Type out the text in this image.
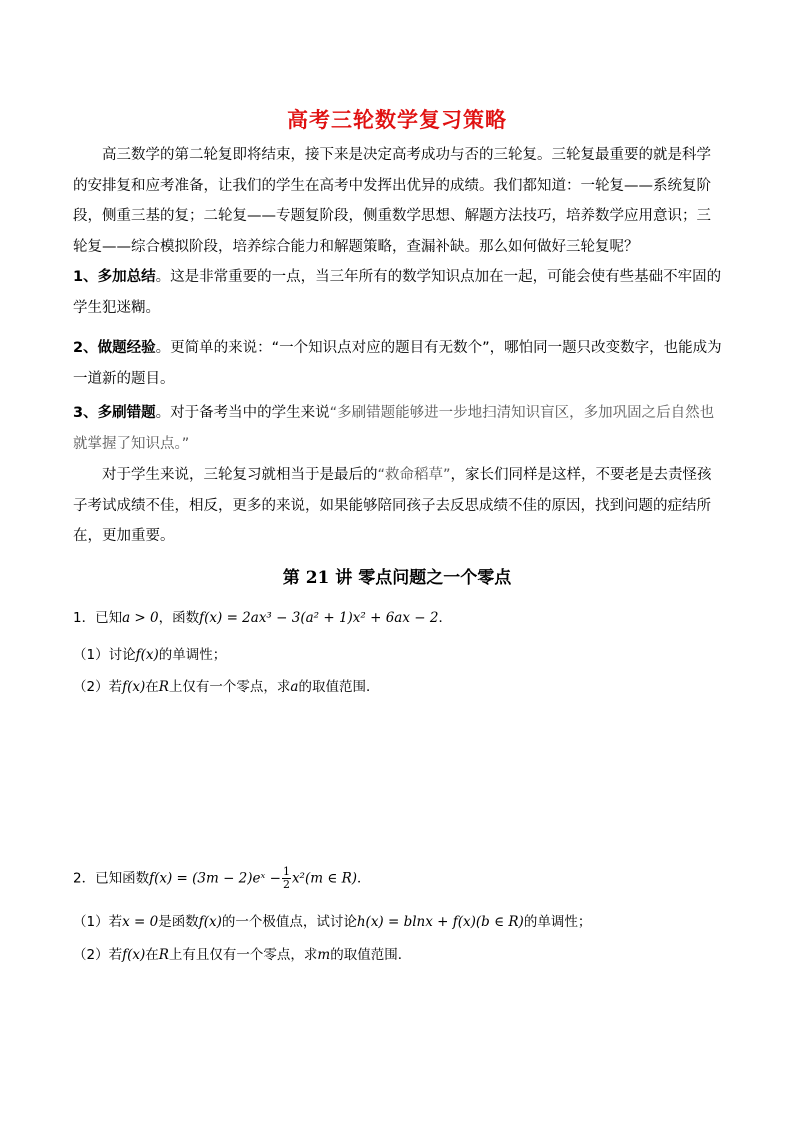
高考三轮数学复习策略
高三数学的第二轮复即将结束，接下来是决定高考成功与否的三轮复。三轮复最重要的就是科学的安排复和应考准备，让我们的学生在高考中发挥出优异的成绩。我们都知道：一轮复——系统复阶段，侧重三基的复；二轮复——专题复阶段，侧重数学思想、解题方法技巧，培养数学应用意识；三轮复——综合模拟阶段，培养综合能力和解题策略，查漏补缺。那么如何做好三轮复呢？
1、多加总结。这是非常重要的一点，当三年所有的数学知识点加在一起，可能会使有些基础不牢固的学生犯迷糊。
2、做题经验。更简单的来说：“一个知识点对应的题目有无数个”，哪怕同一题只改变数字，也能成为一道新的题目。
3、多刷错题。对于备考当中的学生来说“多刷错题能够进一步地扫清知识盲区，多加巩固之后自然也就掌握了知识点。”
对于学生来说，三轮复习就相当于是最后的“救命稻草”，家长们同样是这样，不要老是去责怪孩子考试成绩不佳，相反，更多的来说，如果能够陪同孩子去反思成绩不佳的原因，找到问题的症结所在，更加重要。
第 21 讲 零点问题之一个零点
1．已知a > 0，函数f(x) = 2ax³ − 3(a² + 1)x² + 6ax − 2．
（1）讨论f(x)的单调性；
（2）若f(x)在R上仅有一个零点，求a的取值范围．
2．已知函数f(x) = (3m − 2)eˣ − $\frac{1}{2} x^2(m$ ∈ R)．
（1）若x = 0是函数f(x)的一个极值点，试讨论h(x) = blnx + f(x)(b ∈ R)的单调性；
（2）若f(x)在R上有且仅有一个零点，求m的取值范围．
